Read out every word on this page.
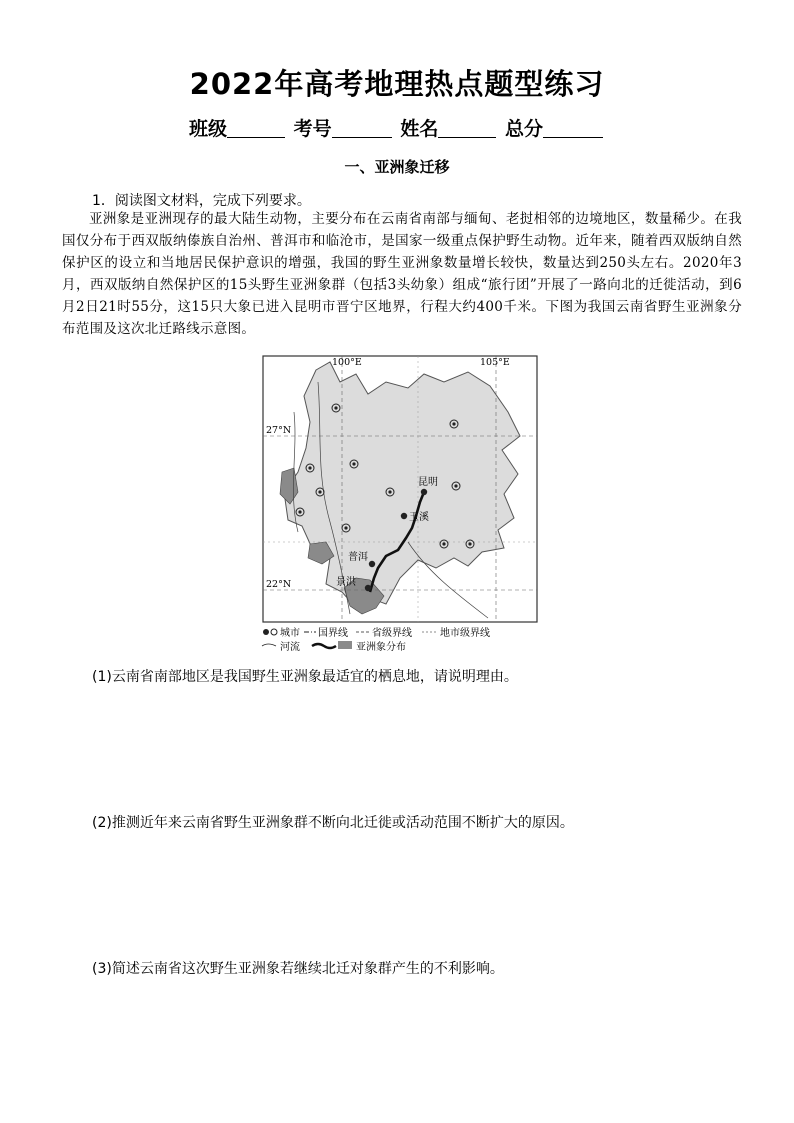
2022年高考地理热点题型练习
班级	考号	姓名	总分
一、亚洲象迁移
1．阅读图文材料，完成下列要求。
亚洲象是亚洲现存的最大陆生动物，主要分布在云南省南部与缅甸、老挝相邻的边境地区，数量稀少。在我国仅分布于西双版纳傣族自治州、普洱市和临沧市，是国家一级重点保护野生动物。近年来，随着西双版纳自然保护区的设立和当地居民保护意识的增强，我国的野生亚洲象数量增长较快，数量达到250头左右。2020年3月，西双版纳自然保护区的15头野生亚洲象群（包括3头幼象）组成“旅行团”开展了一路向北的迁徙活动，到6月2日21时55分，这15只大象已进入昆明市晋宁区地界，行程大约400千米。下图为我国云南省野生亚洲象分布范围及这次北迁路线示意图。
昆明
玉溪
普洱
景洪
100°E	105°E
27°N
22°N
城市 国界线 省级界线	地市级界线
河流	亚洲象分布
(1)云南省南部地区是我国野生亚洲象最适宜的栖息地，请说明理由。
(2)推测近年来云南省野生亚洲象群不断向北迁徙或活动范围不断扩大的原因。
(3)简述云南省这次野生亚洲象若继续北迁对象群产生的不利影响。
